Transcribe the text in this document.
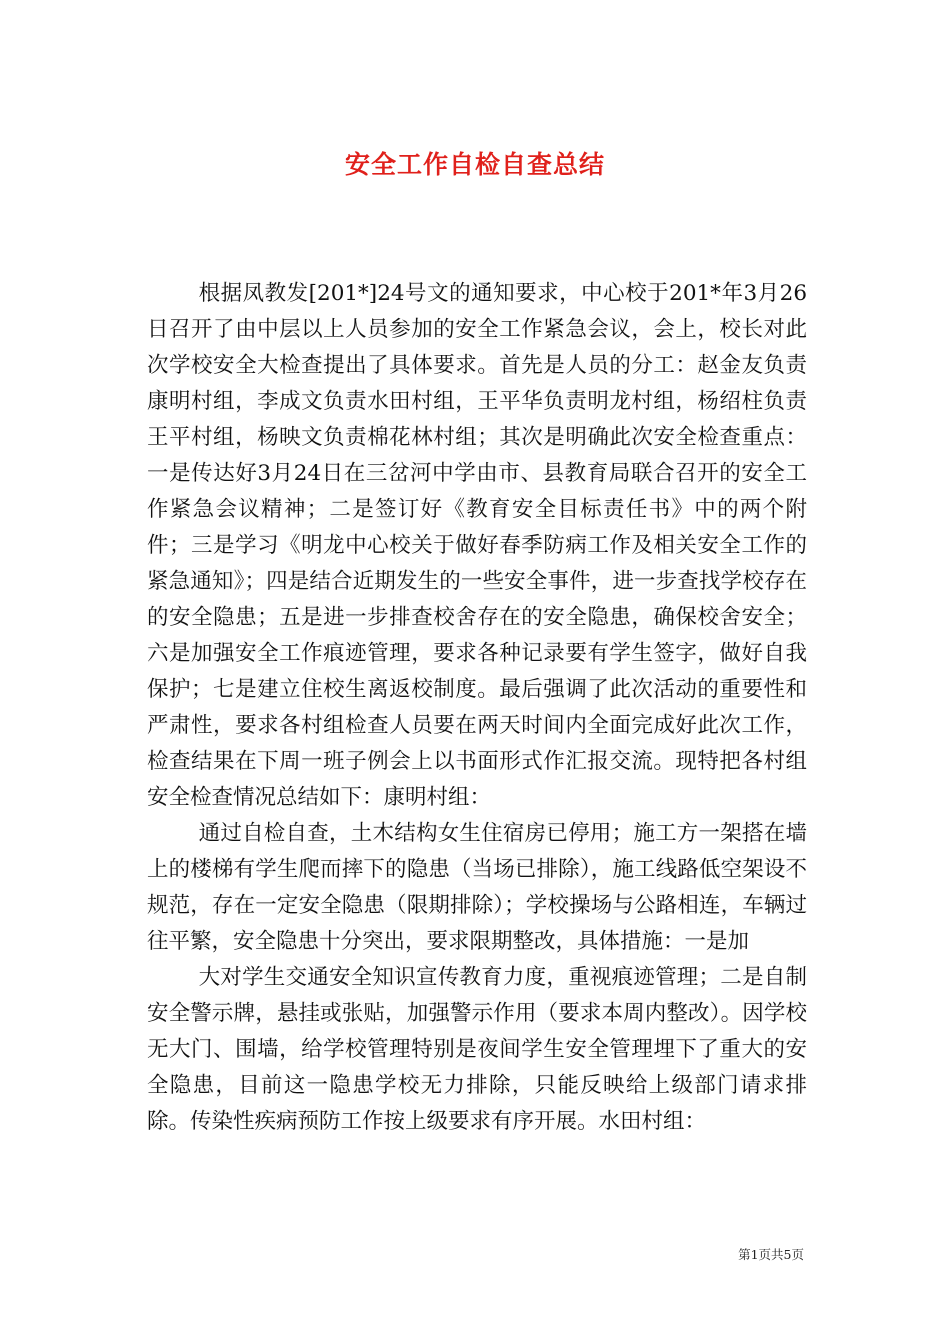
安全工作自检自查总结

根据凤教发[201*]24号文的通知要求，中心校于201*年3月26日召开了由中层以上人员参加的安全工作紧急会议，会上，校长对此次学校安全大检查提出了具体要求。首先是人员的分工：赵金友负责康明村组，李成文负责水田村组，王平华负责明龙村组，杨绍柱负责王平村组，杨映文负责棉花林村组；其次是明确此次安全检查重点：一是传达好3月24日在三岔河中学由市、县教育局联合召开的安全工作紧急会议精神；二是签订好《教育安全目标责任书》中的两个附件；三是学习《明龙中心校关于做好春季防病工作及相关安全工作的紧急通知》；四是结合近期发生的一些安全事件，进一步查找学校存在的安全隐患；五是进一步排查校舍存在的安全隐患，确保校舍安全；六是加强安全工作痕迹管理，要求各种记录要有学生签字，做好自我保护；七是建立住校生离返校制度。最后强调了此次活动的重要性和严肃性，要求各村组检查人员要在两天时间内全面完成好此次工作，检查结果在下周一班子例会上以书面形式作汇报交流。现特把各村组安全检查情况总结如下：康明村组：

通过自检自查，土木结构女生住宿房已停用；施工方一架搭在墙上的楼梯有学生爬而摔下的隐患（当场已排除），施工线路低空架设不规范，存在一定安全隐患（限期排除）；学校操场与公路相连，车辆过往平繁，安全隐患十分突出，要求限期整改，具体措施：一是加

大对学生交通安全知识宣传教育力度，重视痕迹管理；二是自制安全警示牌，悬挂或张贴，加强警示作用（要求本周内整改）。因学校无大门、围墙，给学校管理特别是夜间学生安全管理埋下了重大的安全隐患，目前这一隐患学校无力排除，只能反映给上级部门请求排除。传染性疾病预防工作按上级要求有序开展。水田村组：

第1页共5页
